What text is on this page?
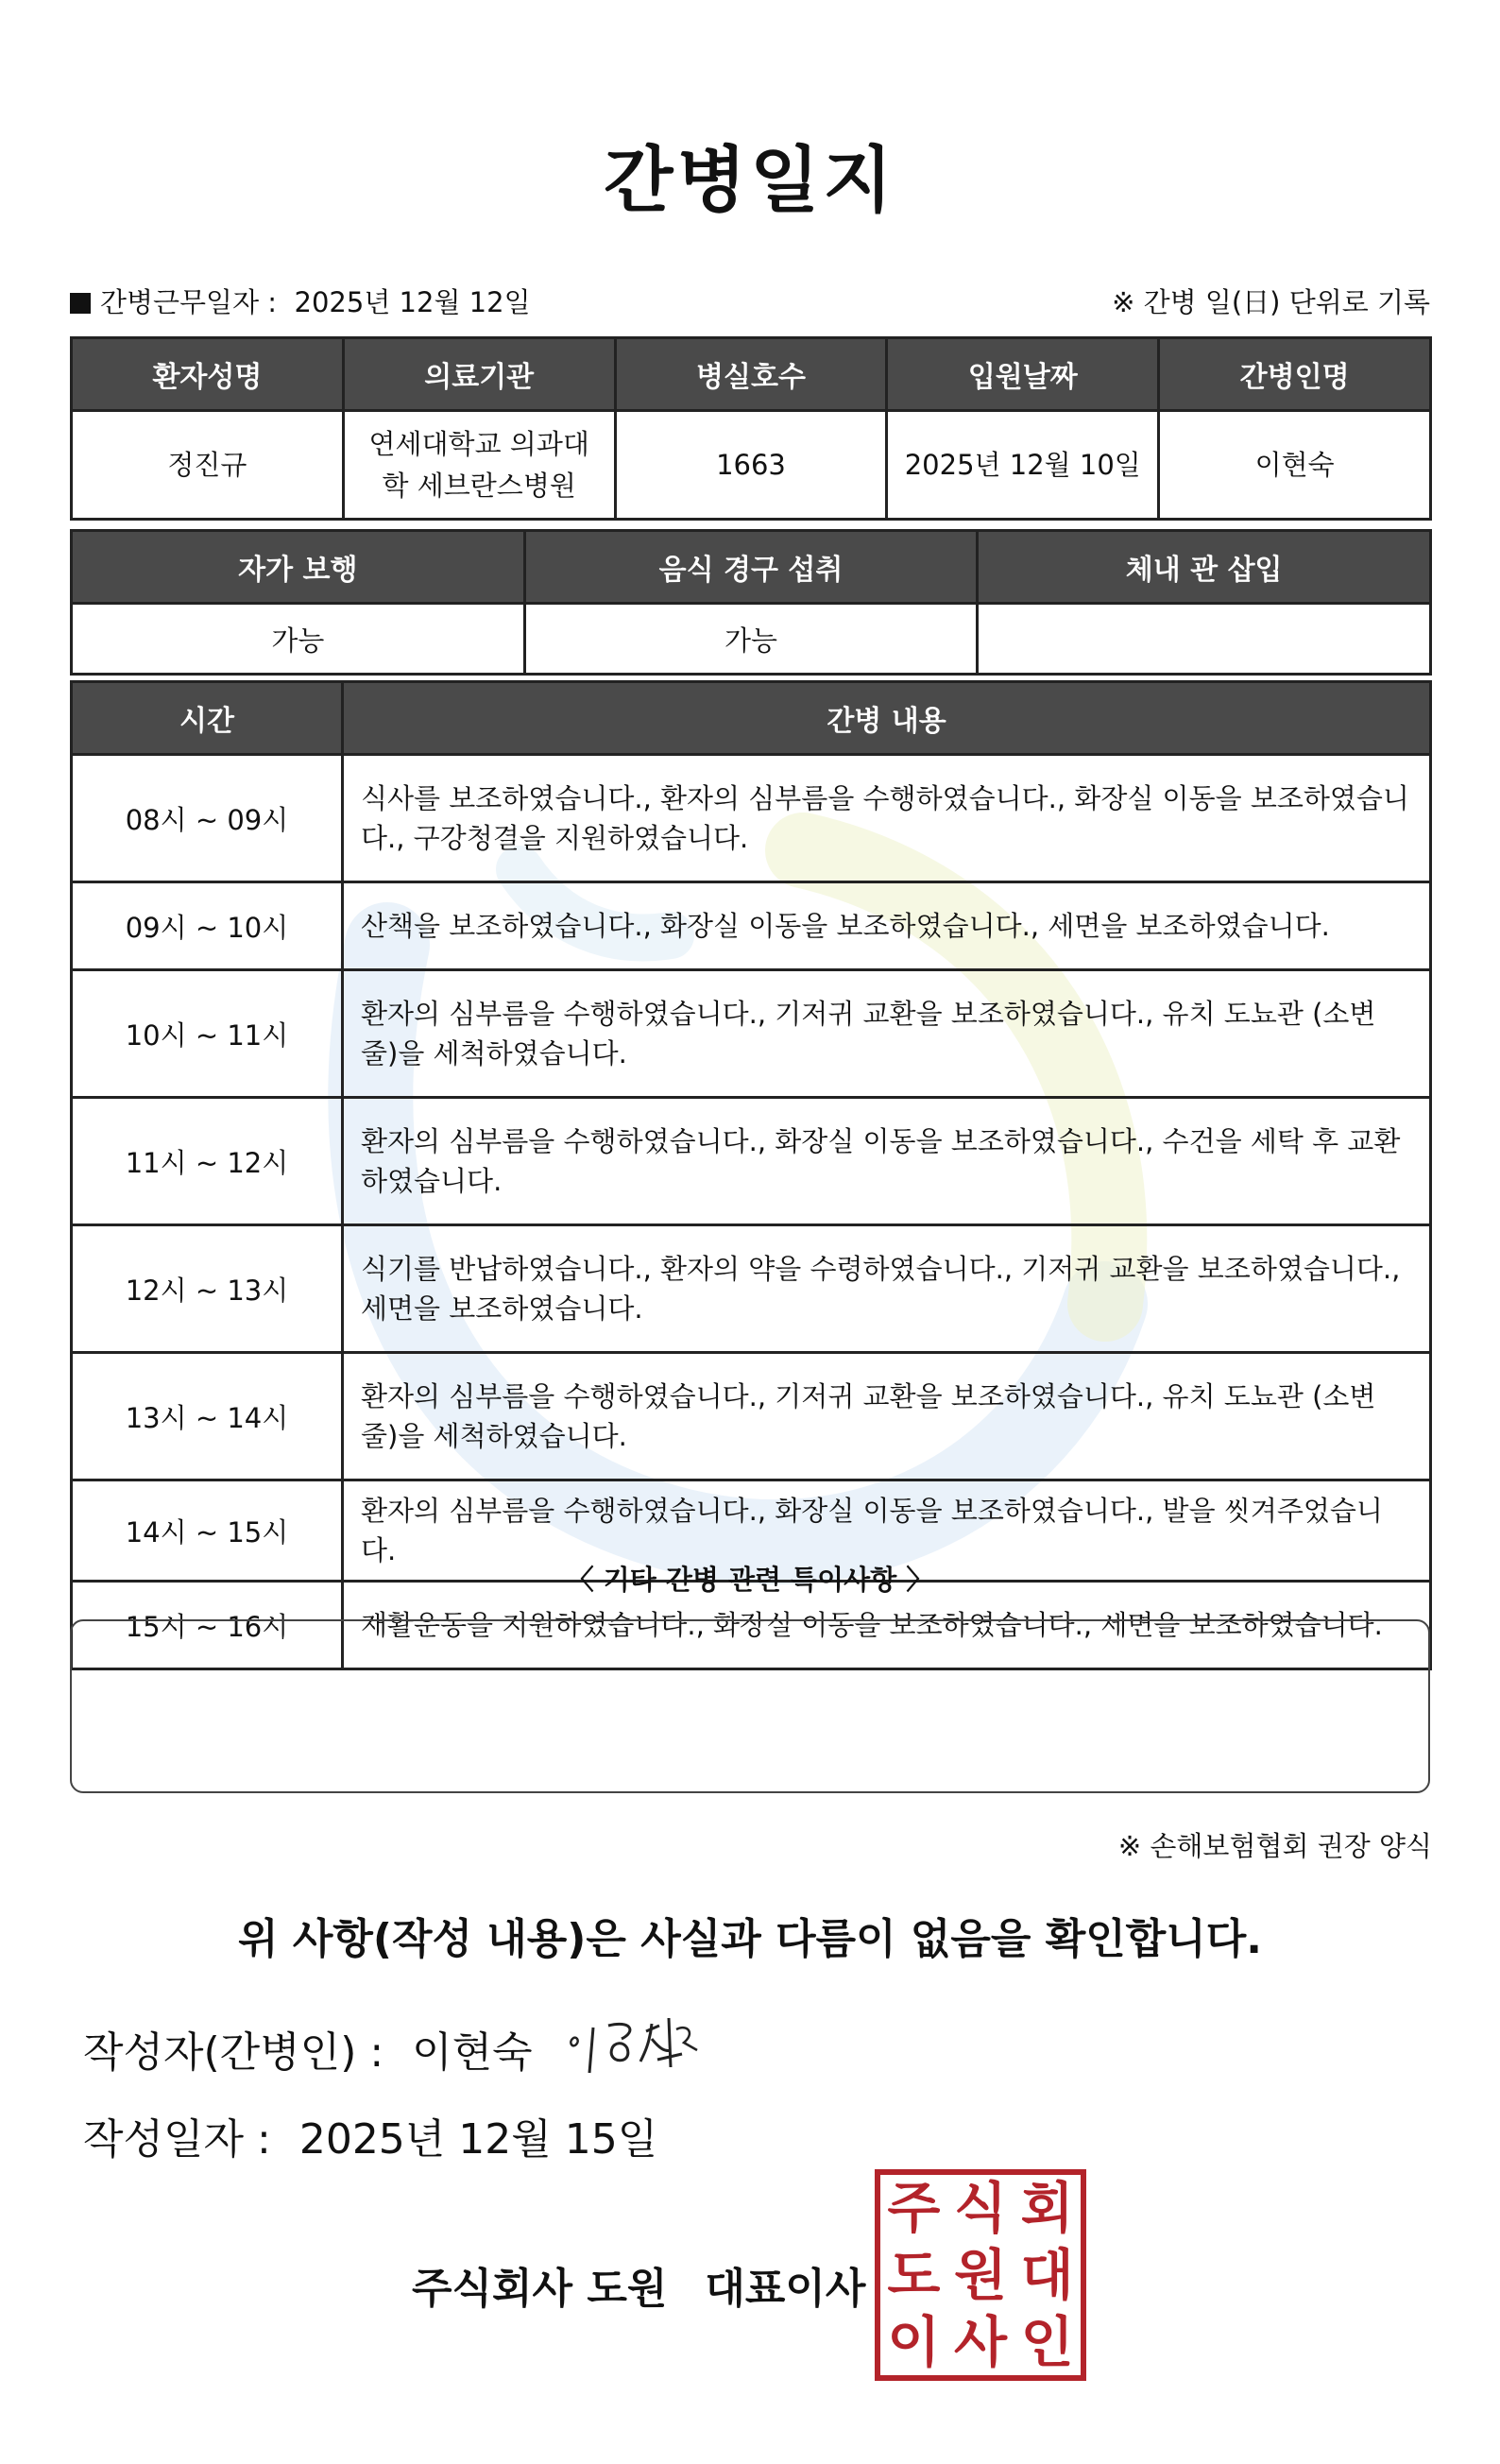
간병일지
간병근무일자 : 2025년 12월 12일	※ 간병 일(日) 단위로 기록
환자성명	의료기관	병실호수	입원날짜	간병인명
정진규	연세대학교 의과대학 세브란스병원	1663	2025년 12월 10일	이현숙
자가 보행	음식 경구 섭취	체내 관 삽입
가능	가능	
시간	간병 내용
08시 ~ 09시	식사를 보조하였습니다., 환자의 심부름을 수행하였습니다., 화장실 이동을 보조하였습니다., 구강청결을 지원하였습니다.
09시 ~ 10시	산책을 보조하였습니다., 화장실 이동을 보조하였습니다., 세면을 보조하였습니다.
10시 ~ 11시	환자의 심부름을 수행하였습니다., 기저귀 교환을 보조하였습니다., 유치 도뇨관 (소변줄)을 세척하였습니다.
11시 ~ 12시	환자의 심부름을 수행하였습니다., 화장실 이동을 보조하였습니다., 수건을 세탁 후 교환하였습니다.
12시 ~ 13시	식기를 반납하였습니다., 환자의 약을 수령하였습니다., 기저귀 교환을 보조하였습니다., 세면을 보조하였습니다.
13시 ~ 14시	환자의 심부름을 수행하였습니다., 기저귀 교환을 보조하였습니다., 유치 도뇨관 (소변줄)을 세척하였습니다.
14시 ~ 15시	환자의 심부름을 수행하였습니다., 화장실 이동을 보조하였습니다., 발을 씻겨주었습니다.
15시 ~ 16시	재활운동을 지원하였습니다., 화장실 이동을 보조하였습니다., 세면을 보조하였습니다.
〈 기타 간병 관련 특이사항 〉
※ 손해보험협회 권장 양식
위 사항(작성 내용)은 사실과 다름이 없음을 확인합니다.
작성자(간병인) : 이현숙
작성일자 : 2025년 12월 15일
주식회사 도원 대표이사
주 식 회
도 원 대
이 사 인
